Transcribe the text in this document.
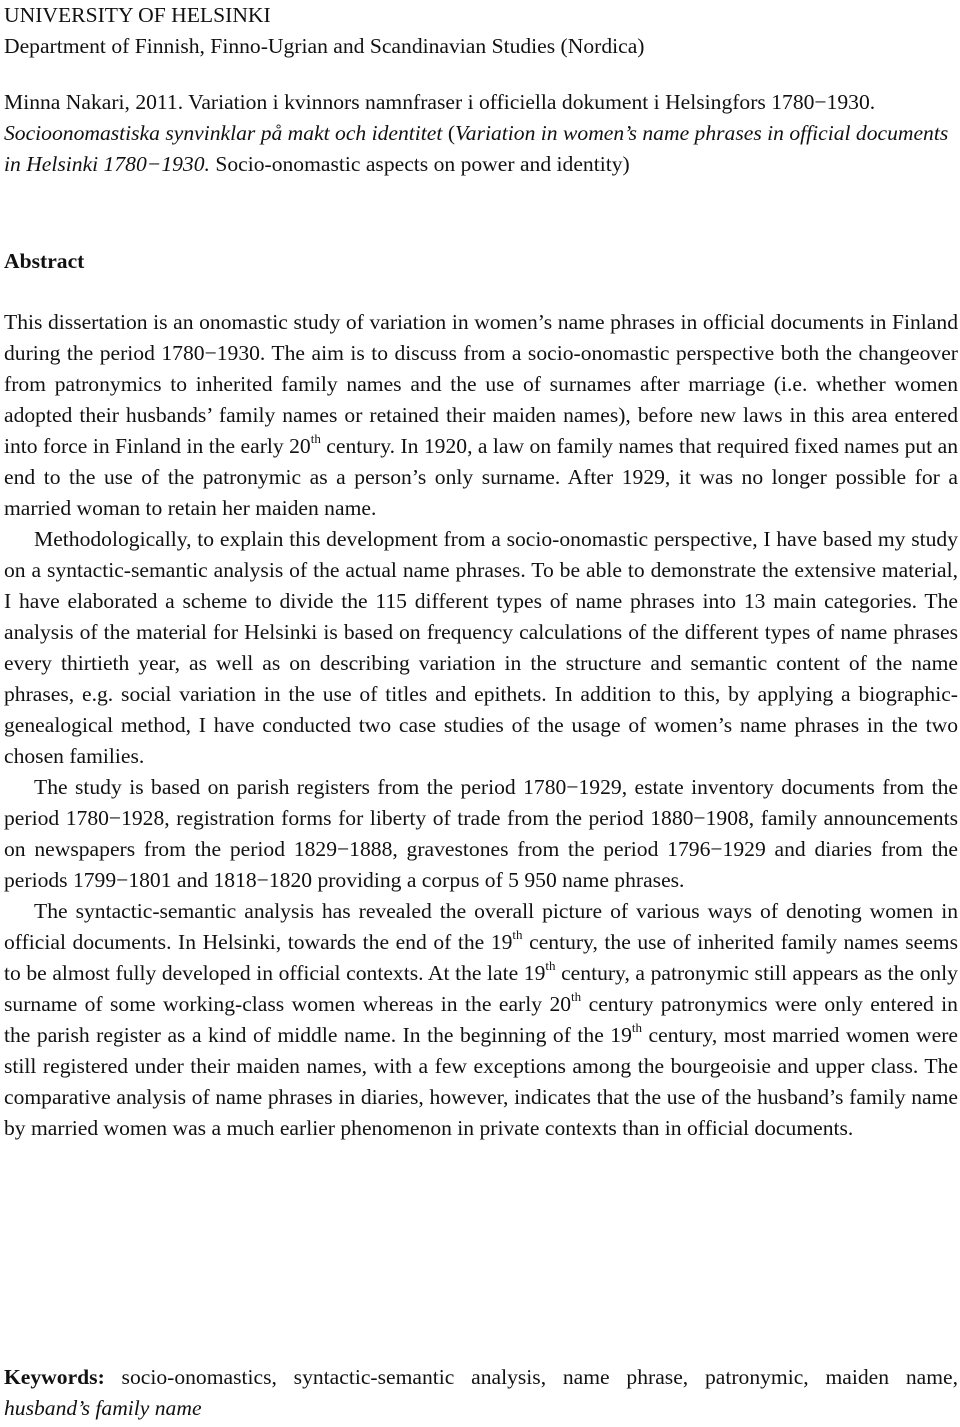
UNIVERSITY OF HELSINKI
Department of Finnish, Finno-Ugrian and Scandinavian Studies (Nordica)
Minna Nakari, 2011. Variation i kvinnors namnfraser i officiella dokument i Helsingfors 1780−1930. Socioonomastiska synvinklar på makt och identitet (Variation in women’s name phrases in official documents in Helsinki 1780−1930. Socio-onomastic aspects on power and identity)
Abstract

This dissertation is an onomastic study of variation in women’s name phrases in official documents in Finland during the period 1780−1930. The aim is to discuss from a socio-onomastic perspective both the changeover from patronymics to inherited family names and the use of surnames after marriage (i.e. whether women adopted their husbands’ family names or retained their maiden names), before new laws in this area entered into force in Finland in the early 20th century. In 1920, a law on family names that required fixed names put an end to the use of the patronymic as a person’s only surname. After 1929, it was no longer possible for a married woman to retain her maiden name.

Methodologically, to explain this development from a socio-onomastic perspective, I have based my study on a syntactic-semantic analysis of the actual name phrases. To be able to demonstrate the extensive material, I have elaborated a scheme to divide the 115 different types of name phrases into 13 main categories. The analysis of the material for Helsinki is based on frequency calculations of the different types of name phrases every thirtieth year, as well as on describing variation in the structure and semantic content of the name phrases, e.g. social variation in the use of titles and epithets. In addition to this, by applying a biographic-genealogical method, I have conducted two case studies of the usage of women’s name phrases in the two chosen families.

The study is based on parish registers from the period 1780−1929, estate inventory documents from the period 1780−1928, registration forms for liberty of trade from the period 1880−1908, family announcements on newspapers from the period 1829−1888, gravestones from the period 1796−1929 and diaries from the periods 1799−1801 and 1818−1820 providing a corpus of 5 950 name phrases.

The syntactic-semantic analysis has revealed the overall picture of various ways of denoting women in official documents. In Helsinki, towards the end of the 19th century, the use of inherited family names seems to be almost fully developed in official contexts. At the late 19th century, a patronymic still appears as the only surname of some working-class women whereas in the early 20th century patronymics were only entered in the parish register as a kind of middle name. In the beginning of the 19th century, most married women were still registered under their maiden names, with a few exceptions among the bourgeoisie and upper class. The comparative analysis of name phrases in diaries, however, indicates that the use of the husband’s family name by married women was a much earlier phenomenon in private contexts than in official documents.

Keywords: socio-onomastics, syntactic-semantic analysis, name phrase, patronymic, maiden name, husband’s family name
